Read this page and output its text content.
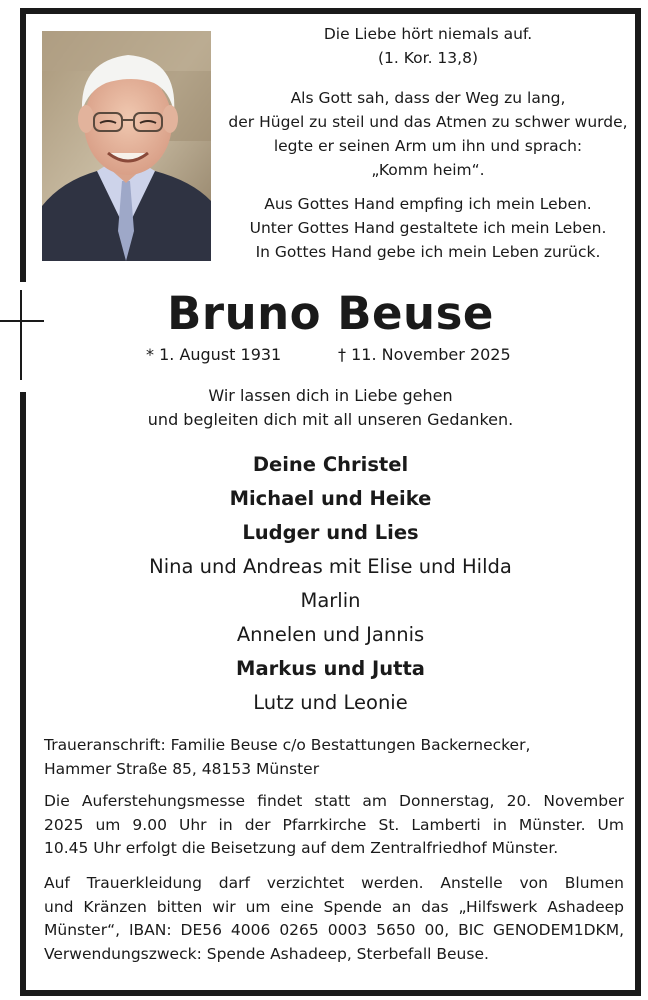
Die Liebe hört niemals auf.
(1. Kor. 13,8)
Als Gott sah, dass der Weg zu lang,
der Hügel zu steil und das Atmen zu schwer wurde,
legte er seinen Arm um ihn und sprach:
„Komm heim“.
Aus Gottes Hand empfing ich mein Leben.
Unter Gottes Hand gestaltete ich mein Leben.
In Gottes Hand gebe ich mein Leben zurück.
Bruno Beuse
* 1. August 1931	† 11. November 2025
Wir lassen dich in Liebe gehen
und begleiten dich mit all unseren Gedanken.
Deine Christel
Michael und Heike
Ludger und Lies
Nina und Andreas mit Elise und Hilda
Marlin
Annelen und Jannis
Markus und Jutta
Lutz und Leonie
Traueranschrift: Familie Beuse c/o Bestattungen Backernecker,
Hammer Straße 85, 48153 Münster
Die Auferstehungsmesse findet statt am Donnerstag, 20. November
2025 um 9.00 Uhr in der Pfarrkirche St. Lamberti in Münster. Um
10.45 Uhr erfolgt die Beisetzung auf dem Zentralfriedhof Münster.
Auf Trauerkleidung darf verzichtet werden. Anstelle von Blumen
und Kränzen bitten wir um eine Spende an das „Hilfswerk Ashadeep
Münster“, IBAN: DE56 4006 0265 0003 5650 00, BIC GENODEM1DKM,
Verwendungszweck: Spende Ashadeep, Sterbefall Beuse.
